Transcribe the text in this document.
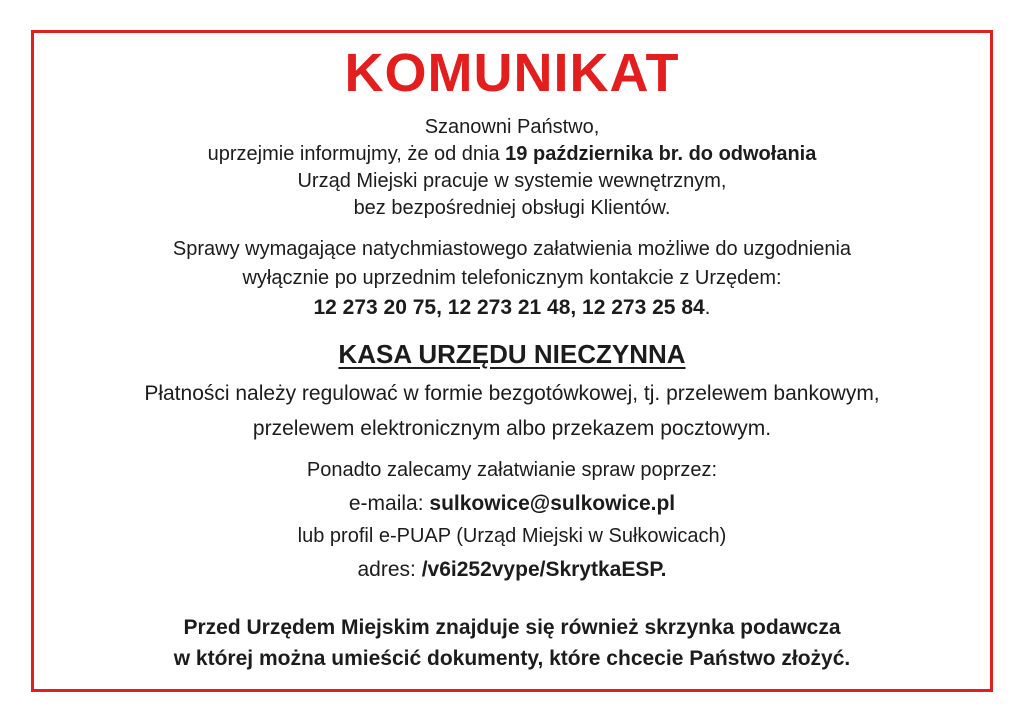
KOMUNIKAT
Szanowni Państwo,
uprzejmie informujmy, że od dnia 19 października br. do odwołania
Urząd Miejski pracuje w systemie wewnętrznym,
bez bezpośredniej obsługi Klientów.
Sprawy wymagające natychmiastowego załatwienia możliwe do uzgodnienia
wyłącznie po uprzednim telefonicznym kontakcie z Urzędem:
12 273 20 75, 12 273 21 48, 12 273 25 84.
KASA URZĘDU NIECZYNNA
Płatności należy regulować w formie bezgotówkowej, tj. przelewem bankowym,
przelewem elektronicznym albo przekazem pocztowym.
Ponadto zalecamy załatwianie spraw poprzez:
e-maila: sulkowice@sulkowice.pl
lub profil e-PUAP (Urząd Miejski w Sułkowicach)
adres: /v6i252vype/SkrytkaESP.
Przed Urzędem Miejskim znajduje się również skrzynka podawcza
w której można umieścić dokumenty, które chcecie Państwo złożyć.
